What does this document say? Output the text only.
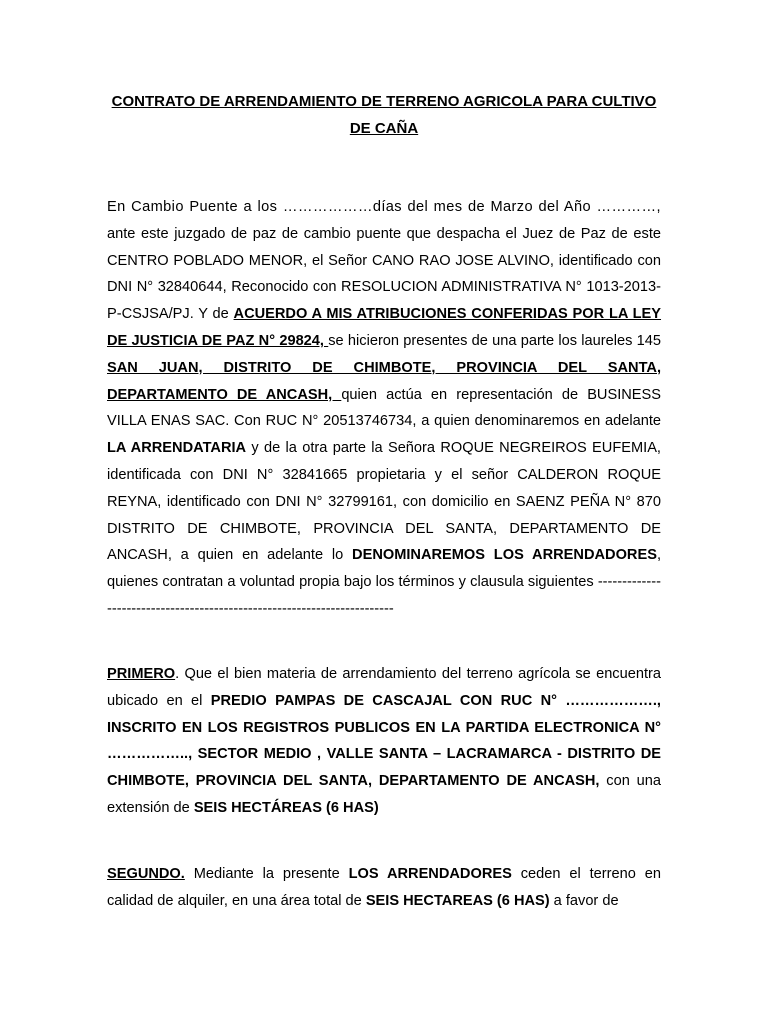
CONTRATO DE ARRENDAMIENTO DE TERRENO AGRICOLA PARA CULTIVO
DE CAÑA
En Cambio Puente a los ………………días del mes de Marzo del Año …………, ante este juzgado de paz de cambio puente que despacha el Juez de Paz de este CENTRO POBLADO MENOR, el Señor CANO RAO JOSE ALVINO, identificado con DNI N° 32840644, Reconocido con RESOLUCION ADMINISTRATIVA N° 1013-2013-P-CSJSA/PJ. Y de ACUERDO A MIS ATRIBUCIONES CONFERIDAS POR LA LEY DE JUSTICIA DE PAZ N° 29824, se hicieron presentes de una parte los laureles 145 SAN JUAN, DISTRITO DE CHIMBOTE, PROVINCIA DEL SANTA, DEPARTAMENTO DE ANCASH, quien actúa en representación de BUSINESS VILLA ENAS SAC. Con RUC N° 20513746734, a quien denominaremos en adelante LA ARRENDATARIA y de la otra parte la Señora ROQUE NEGREIROS EUFEMIA, identificada con DNI N° 32841665 propietaria y el señor CALDERON ROQUE REYNA, identificado con DNI N° 32799161, con domicilio en SAENZ PEÑA N° 870 DISTRITO DE CHIMBOTE, PROVINCIA DEL SANTA, DEPARTAMENTO DE ANCASH, a quien en adelante lo DENOMINAREMOS LOS ARRENDADORES, quienes contratan a voluntad propia bajo los términos y clausula siguientes ------------------------------------------------------------------------
PRIMERO. Que el bien materia de arrendamiento del terreno agrícola se encuentra ubicado en el PREDIO PAMPAS DE CASCAJAL CON RUC N° ………………., INSCRITO EN LOS REGISTROS PUBLICOS EN LA PARTIDA ELECTRONICA N° …………….., SECTOR MEDIO , VALLE SANTA – LACRAMARCA - DISTRITO DE CHIMBOTE, PROVINCIA DEL SANTA, DEPARTAMENTO DE ANCASH, con una extensión de SEIS HECTÁREAS (6 HAS)
SEGUNDO. Mediante la presente LOS ARRENDADORES ceden el terreno en calidad de alquiler, en una área total de SEIS HECTAREAS (6 HAS) a favor de
